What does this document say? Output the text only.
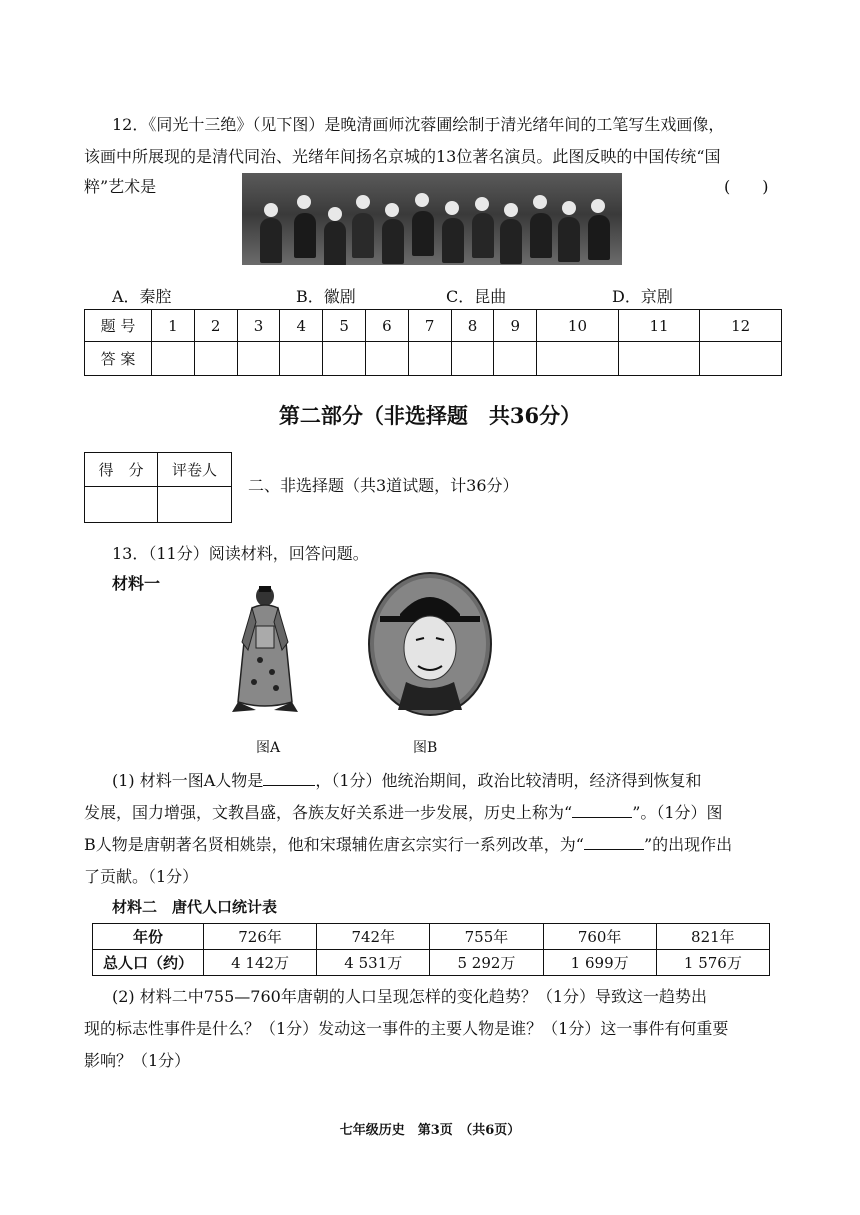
12．《同光十三绝》（见下图）是晚清画师沈蓉圃绘制于清光绪年间的工笔写生戏画像，
该画中所展现的是清代同治、光绪年间扬名京城的13位著名演员。此图反映的中国传统“国
粹”艺术是	(　　)
A．秦腔	B．徽剧	C．昆曲	D．京剧
题 号	1	2	3	4	5	6	7	8	9	10	11	12
答 案												
第二部分（非选择题　共36分）
得　分	评卷人

二、非选择题（共3道试题，计36分）
13．（11分）阅读材料，回答问题。
材料一
图A	图B
(1) 材料一图A人物是	，（1分）他统治期间，政治比较清明，经济得到恢复和
发展，国力增强，文教昌盛，各族友好关系进一步发展，历史上称为“	”。（1分）图
B人物是唐朝著名贤相姚崇，他和宋璟辅佐唐玄宗实行一系列改革，为“	”的出现作出
了贡献。（1分）
材料二　唐代人口统计表
年份	726年	742年	755年	760年	821年
总人口（约）	4 142万	4 531万	5 292万	1 699万	1 576万
(2) 材料二中755—760年唐朝的人口呈现怎样的变化趋势？（1分）导致这一趋势出
现的标志性事件是什么？（1分）发动这一事件的主要人物是谁？（1分）这一事件有何重要
影响？（1分）
七年级历史　第3页　（共6页）
